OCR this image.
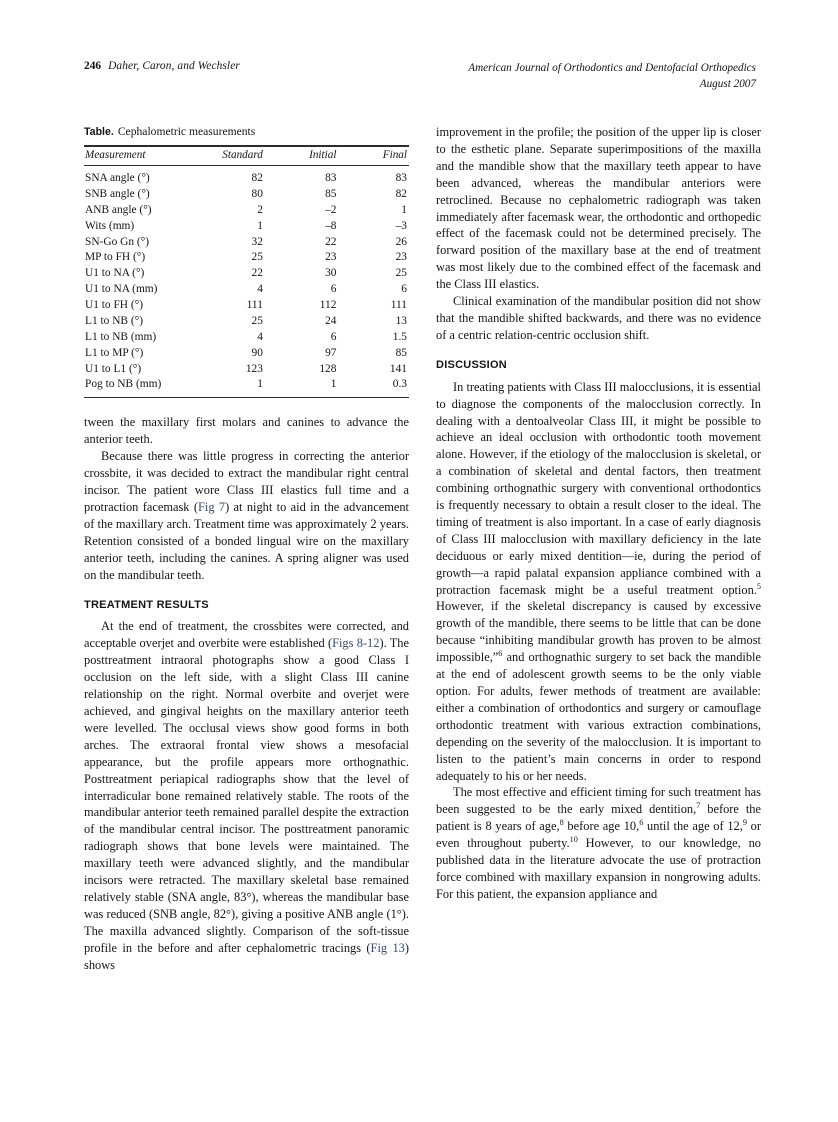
246 Daher, Caron, and Wechsler	American Journal of Orthodontics and Dentofacial Orthopedics
August 2007
Table. Cephalometric measurements
Measurement	Standard	Initial	Final
SNA angle (°)	82	83	83
SNB angle (°)	80	85	82
ANB angle (°)	2	–2	1
Wits (mm)	1	–8	–3
SN-Go Gn (°)	32	22	26
MP to FH (°)	25	23	23
U1 to NA (°)	22	30	25
U1 to NA (mm)	4	6	6
U1 to FH (°)	111	112	111
L1 to NB (°)	25	24	13
L1 to NB (mm)	4	6	1.5
L1 to MP (°)	90	97	85
U1 to L1 (°)	123	128	141
Pog to NB (mm)	1	1	0.3

tween the maxillary first molars and canines to advance the anterior teeth.

Because there was little progress in correcting the anterior crossbite, it was decided to extract the mandibular right central incisor. The patient wore Class III elastics full time and a protraction facemask (Fig 7) at night to aid in the advancement of the maxillary arch. Treatment time was approximately 2 years. Retention consisted of a bonded lingual wire on the maxillary anterior teeth, including the canines. A spring aligner was used on the mandibular teeth.

TREATMENT RESULTS

At the end of treatment, the crossbites were corrected, and acceptable overjet and overbite were established (Figs 8-12). The posttreatment intraoral photographs show a good Class I occlusion on the left side, with a slight Class III canine relationship on the right. Normal overbite and overjet were achieved, and gingival heights on the maxillary anterior teeth were levelled. The occlusal views show good forms in both arches. The extraoral frontal view shows a mesofacial appearance, but the profile appears more orthognathic. Posttreatment periapical radiographs show that the level of interradicular bone remained relatively stable. The roots of the mandibular anterior teeth remained parallel despite the extraction of the mandibular central incisor. The posttreatment panoramic radiograph shows that bone levels were maintained. The maxillary teeth were advanced slightly, and the mandibular incisors were retracted. The maxillary skeletal base remained relatively stable (SNA angle, 83°), whereas the mandibular base was reduced (SNB angle, 82°), giving a positive ANB angle (1°). The maxilla advanced slightly. Comparison of the soft-tissue profile in the before and after cephalometric tracings (Fig 13) shows

improvement in the profile; the position of the upper lip is closer to the esthetic plane. Separate superimpositions of the maxilla and the mandible show that the maxillary teeth appear to have been advanced, whereas the mandibular anteriors were retroclined. Because no cephalometric radiograph was taken immediately after facemask wear, the orthodontic and orthopedic effect of the facemask could not be determined precisely. The forward position of the maxillary base at the end of treatment was most likely due to the combined effect of the facemask and the Class III elastics.

Clinical examination of the mandibular position did not show that the mandible shifted backwards, and there was no evidence of a centric relation-centric occlusion shift.

DISCUSSION

In treating patients with Class III malocclusions, it is essential to diagnose the components of the malocclusion correctly. In dealing with a dentoalveolar Class III, it might be possible to achieve an ideal occlusion with orthodontic tooth movement alone. However, if the etiology of the malocclusion is skeletal, or a combination of skeletal and dental factors, then treatment combining orthognathic surgery with conventional orthodontics is frequently necessary to obtain a result closer to the ideal. The timing of treatment is also important. In a case of early diagnosis of Class III malocclusion with maxillary deficiency in the late deciduous or early mixed dentition—ie, during the period of growth—a rapid palatal expansion appliance combined with a protraction facemask might be a useful treatment option.$^5$ However, if the skeletal discrepancy is caused by excessive growth of the mandible, there seems to be little that can be done because “inhibiting mandibular growth has proven to be almost impossible,”$^6$ and orthognathic surgery to set back the mandible at the end of adolescent growth seems to be the only viable option. For adults, fewer methods of treatment are available: either a combination of orthodontics and surgery or camouflage orthodontic treatment with various extraction combinations, depending on the severity of the malocclusion. It is important to listen to the patient’s main concerns in order to respond adequately to his or her needs.

The most effective and efficient timing for such treatment has been suggested to be the early mixed dentition,$^7$ before the patient is 8 years of age,$^8$ before age 10,$^6$ until the age of 12,$^9$ or even throughout puberty.$^{10}$ However, to our knowledge, no published data in the literature advocate the use of protraction force combined with maxillary expansion in nongrowing adults. For this patient, the expansion appliance and
